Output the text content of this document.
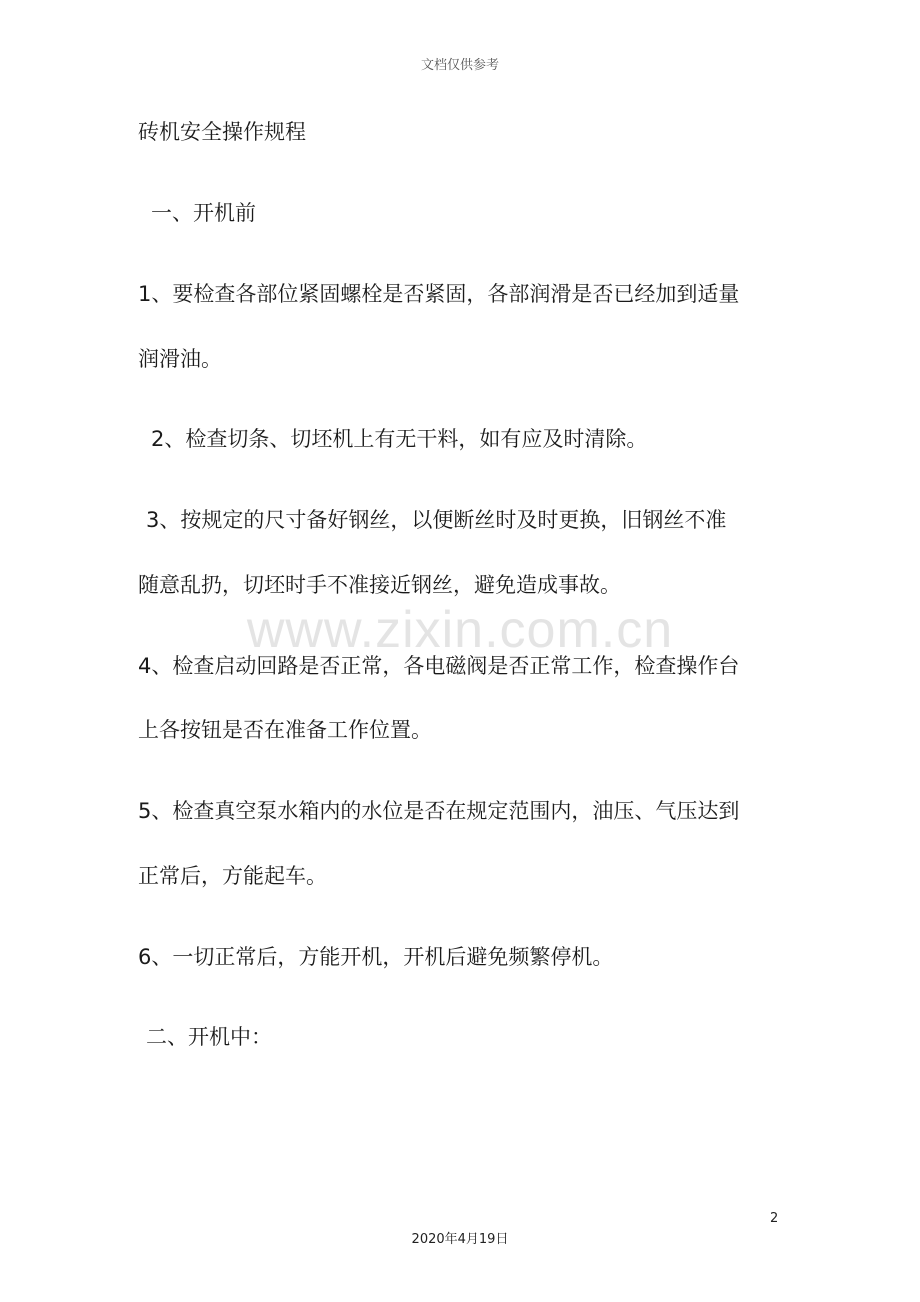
文档仅供参考
www.zixin.com.cn
砖机安全操作规程
一、开机前
1、要检查各部位紧固螺栓是否紧固，各部润滑是否已经加到适量
润滑油。
2、检查切条、切坯机上有无干料，如有应及时清除。
3、按规定的尺寸备好钢丝，以便断丝时及时更换，旧钢丝不准
随意乱扔，切坯时手不准接近钢丝，避免造成事故。
4、检查启动回路是否正常，各电磁阀是否正常工作，检查操作台
上各按钮是否在准备工作位置。
5、检查真空泵水箱内的水位是否在规定范围内，油压、气压达到
正常后，方能起车。
6、一切正常后，方能开机，开机后避免频繁停机。
二、开机中：
2
2020年4月19日
